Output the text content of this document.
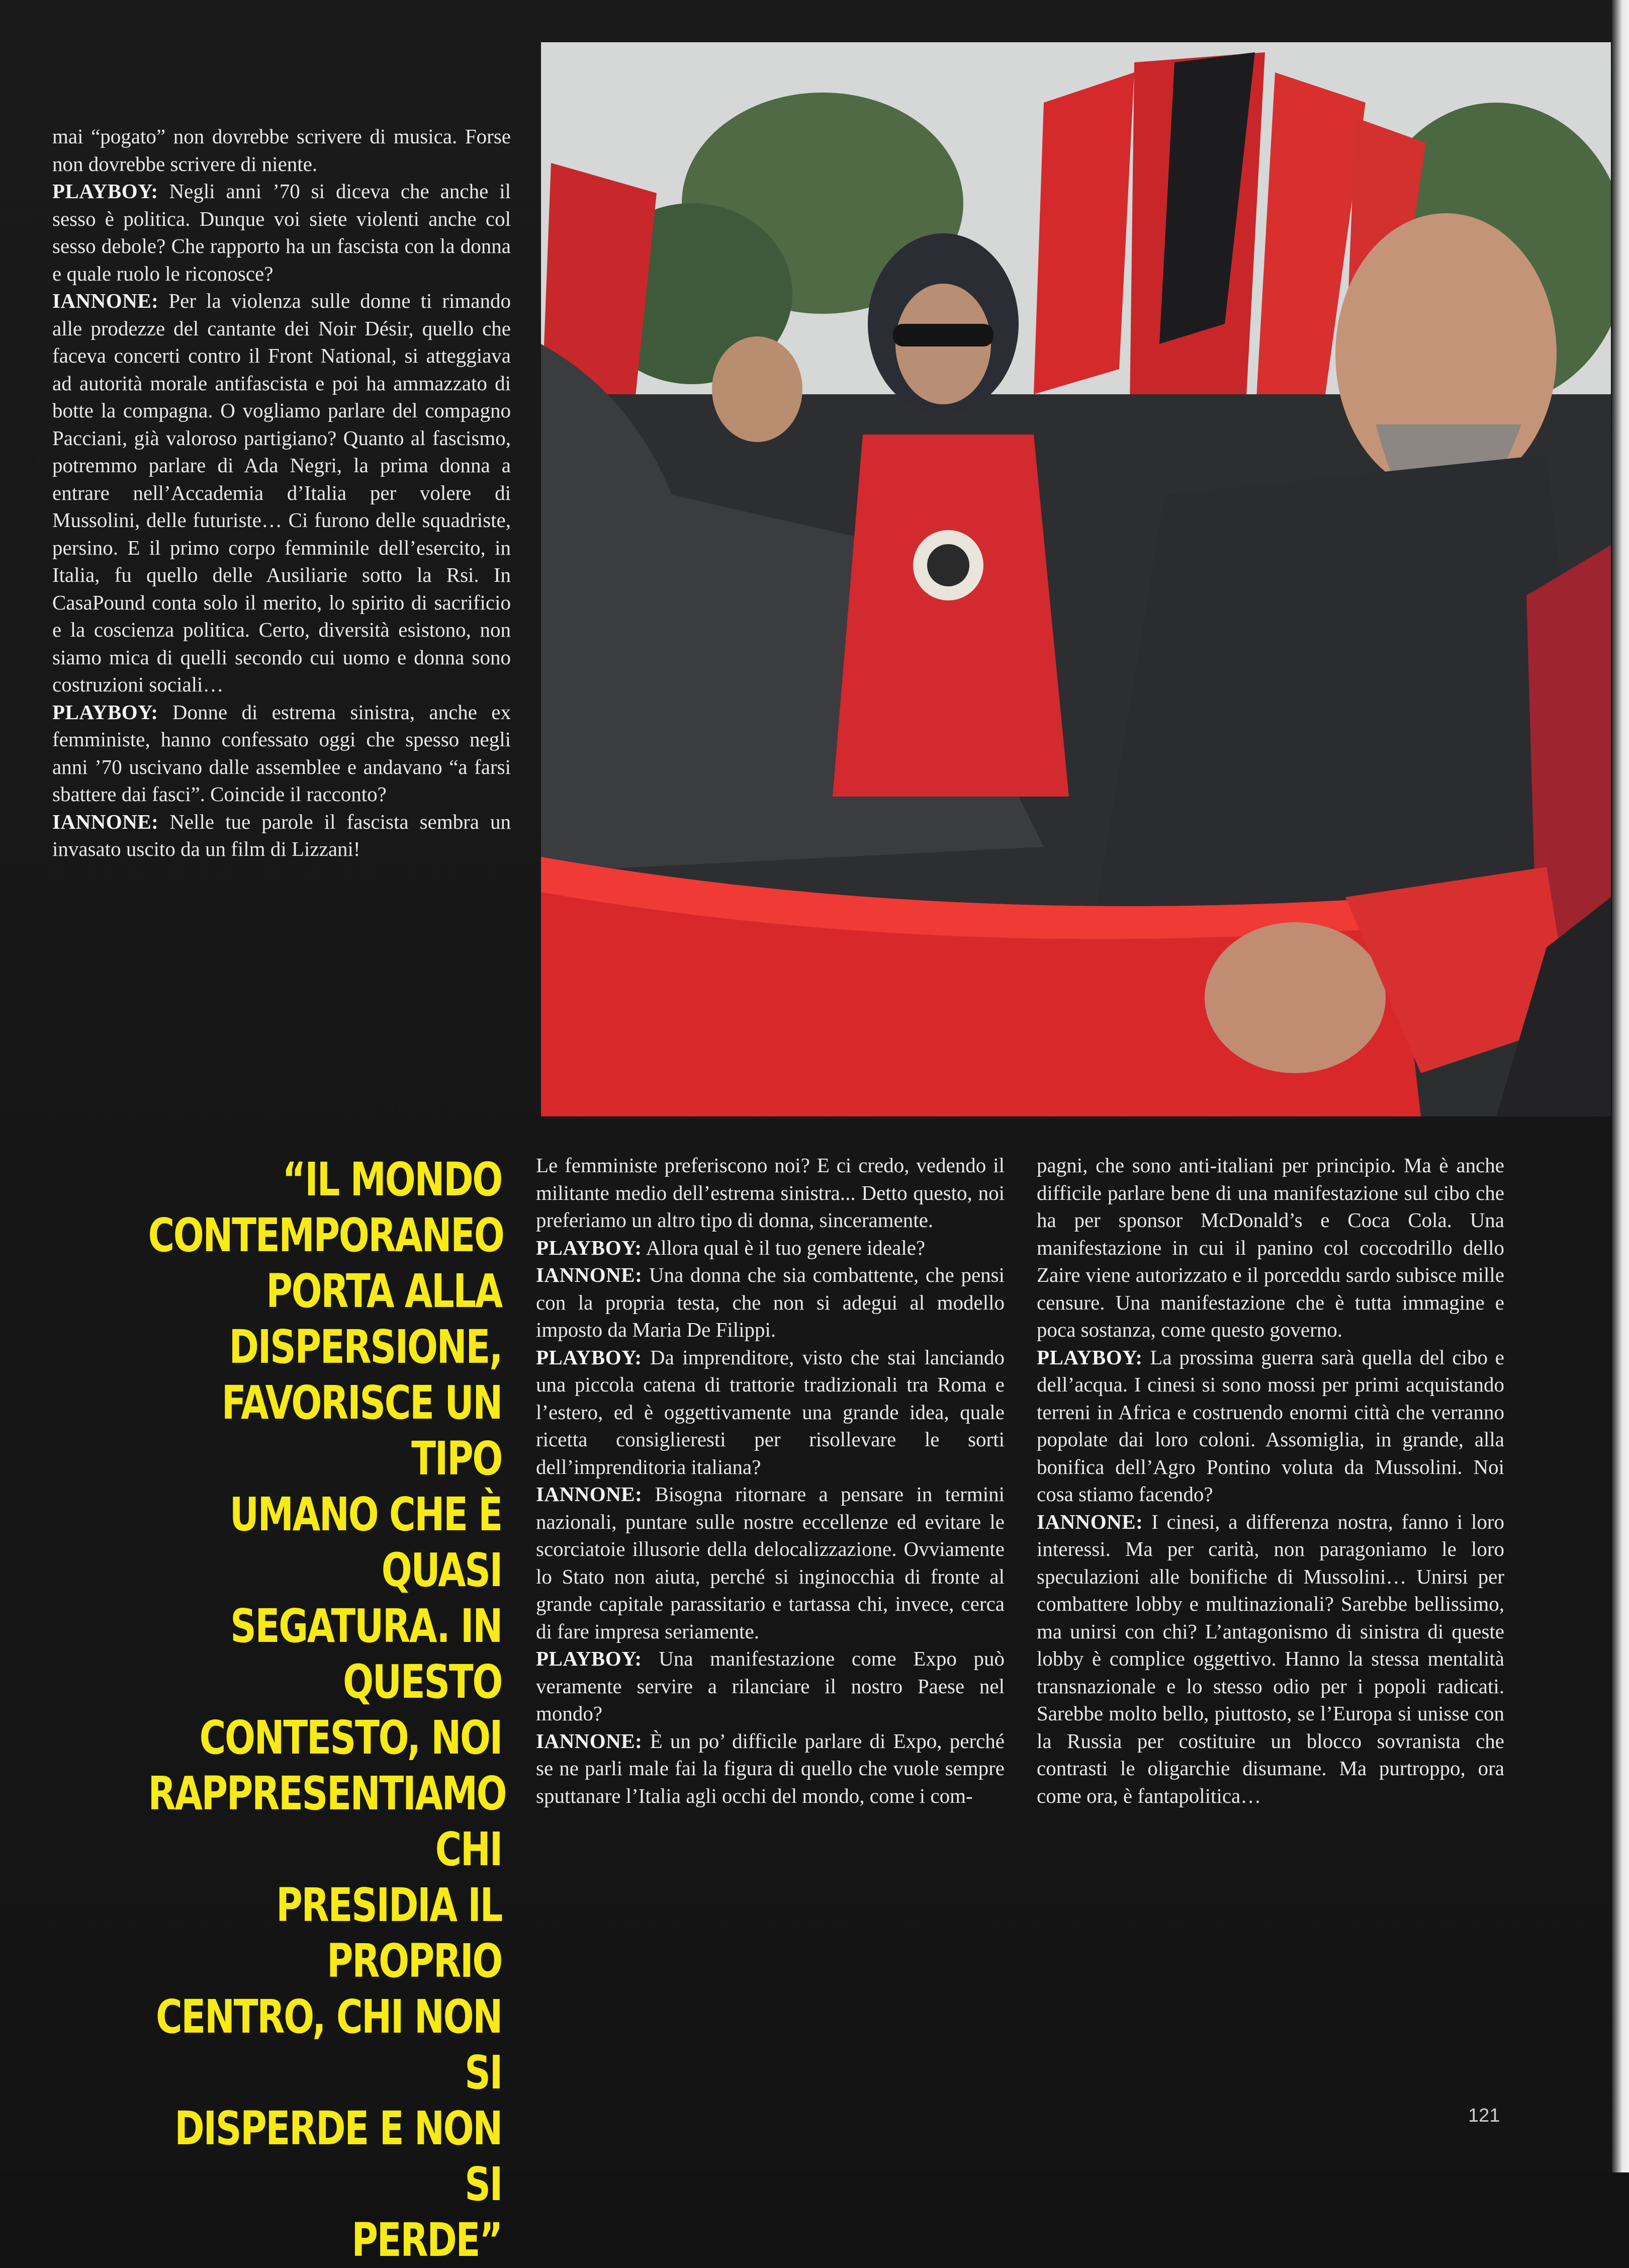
mai “pogato” non dovrebbe scrivere di musica. Forse non dovrebbe scrivere di niente.

PLAYBOY: Negli anni ’70 si diceva che anche il sesso è politica. Dunque voi siete violenti anche col sesso debole? Che rapporto ha un fascista con la donna e quale ruolo le riconosce?

IANNONE: Per la violenza sulle donne ti rimando alle prodezze del cantante dei Noir Désir, quello che faceva concerti contro il Front National, si atteggiava ad autorità morale antifascista e poi ha ammazzato di botte la compagna. O vogliamo parlare del compagno Pacciani, già valoroso partigiano? Quanto al fascismo, potremmo parlare di Ada Negri, la prima donna a entrare nell’Accademia d’Italia per volere di Mussolini, delle futuriste… Ci furono delle squadriste, persino. E il primo corpo femminile dell’esercito, in Italia, fu quello delle Ausiliarie sotto la Rsi. In CasaPound conta solo il merito, lo spirito di sacrificio e la coscienza politica. Certo, diversità esistono, non siamo mica di quelli secondo cui uomo e donna sono costruzioni sociali…

PLAYBOY: Donne di estrema sinistra, anche ex femministe, hanno confessato oggi che spesso negli anni ’70 uscivano dalle assemblee e andavano “a farsi sbattere dai fasci”. Coincide il racconto?

IANNONE: Nelle tue parole il fascista sembra un invasato uscito da un film di Lizzani!

“IL MONDO
CONTEMPORANEO
PORTA ALLA
DISPERSIONE,
FAVORISCE UN TIPO
UMANO CHE È QUASI
SEGATURA. IN QUESTO
CONTESTO, NOI
RAPPRESENTIAMO CHI
PRESIDIA IL PROPRIO
CENTRO, CHI NON SI
DISPERDE E NON SI
PERDE”

Le femministe preferiscono noi? E ci credo, vedendo il militante medio dell’estrema sinistra... Detto questo, noi preferiamo un altro tipo di donna, sinceramente.

PLAYBOY: Allora qual è il tuo genere ideale?

IANNONE: Una donna che sia combattente, che pensi con la propria testa, che non si adegui al modello imposto da Maria De Filippi.

PLAYBOY: Da imprenditore, visto che stai lanciando una piccola catena di trattorie tradizionali tra Roma e l’estero, ed è oggettivamente una grande idea, quale ricetta consiglieresti per risollevare le sorti dell’imprenditoria italiana?

IANNONE: Bisogna ritornare a pensare in termini nazionali, puntare sulle nostre eccellenze ed evitare le scorciatoie illusorie della delocalizzazione. Ovviamente lo Stato non aiuta, perché si inginocchia di fronte al grande capitale parassitario e tartassa chi, invece, cerca di fare impresa seriamente.

PLAYBOY: Una manifestazione come Expo può veramente servire a rilanciare il nostro Paese nel mondo?

IANNONE: È un po’ difficile parlare di Expo, perché se ne parli male fai la figura di quello che vuole sempre sputtanare l’Italia agli occhi del mondo, come i com-

pagni, che sono anti-italiani per principio. Ma è anche difficile parlare bene di una manifestazione sul cibo che ha per sponsor McDonald’s e Coca Cola. Una manifestazione in cui il panino col coccodrillo dello Zaire viene autorizzato e il porceddu sardo subisce mille censure. Una manifestazione che è tutta immagine e poca sostanza, come questo governo.

PLAYBOY: La prossima guerra sarà quella del cibo e dell’acqua. I cinesi si sono mossi per primi acquistando terreni in Africa e costruendo enormi città che verranno popolate dai loro coloni. Assomiglia, in grande, alla bonifica dell’Agro Pontino voluta da Mussolini. Noi cosa stiamo facendo?

IANNONE: I cinesi, a differenza nostra, fanno i loro interessi. Ma per carità, non paragoniamo le loro speculazioni alle bonifiche di Mussolini… Unirsi per combattere lobby e multinazionali? Sarebbe bellissimo, ma unirsi con chi? L’antagonismo di sinistra di queste lobby è complice oggettivo. Hanno la stessa mentalità transnazionale e lo stesso odio per i popoli radicati. Sarebbe molto bello, piuttosto, se l’Europa si unisse con la Russia per costituire un blocco sovranista che contrasti le oligarchie disumane. Ma purtroppo, ora come ora, è fantapolitica…

121
